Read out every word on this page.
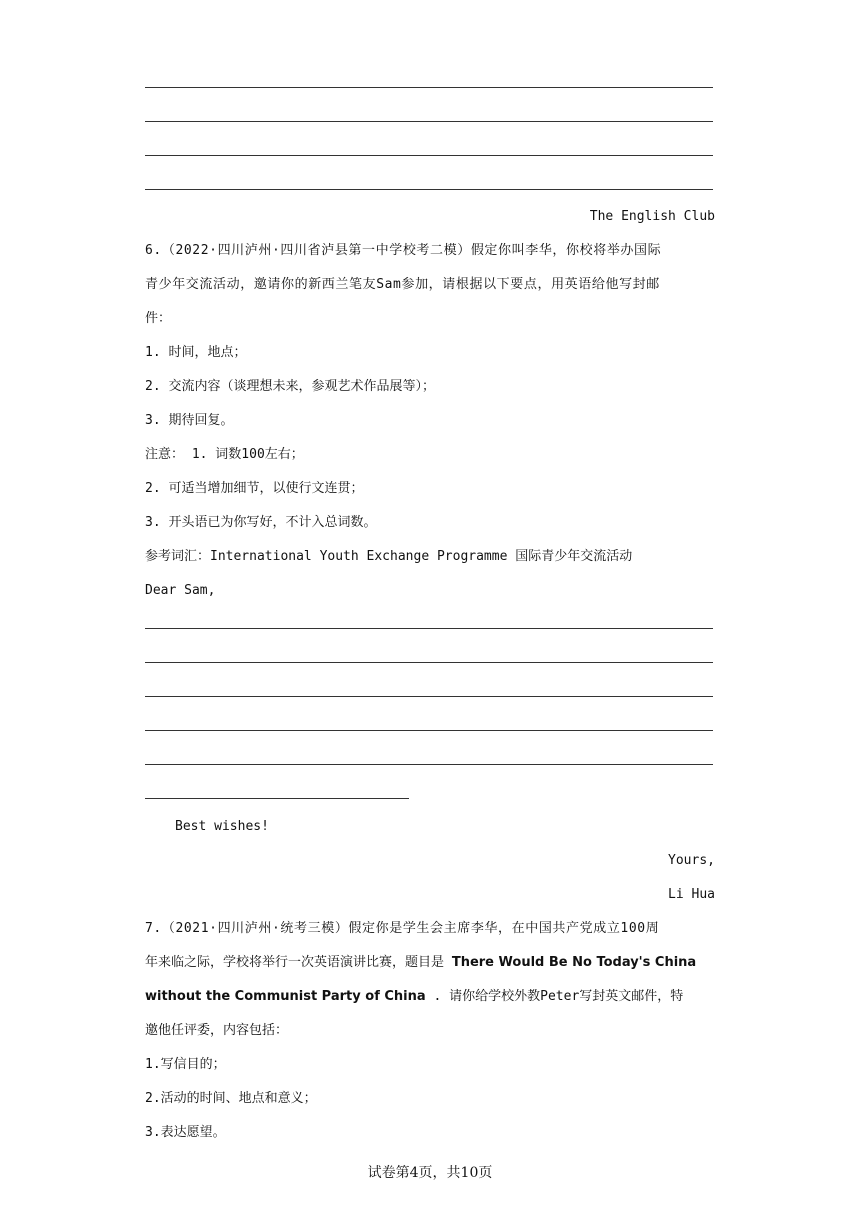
The English Club
6.（2022·四川泸州·四川省泸县第一中学校考二模）假定你叫李华，你校将举办国际
青少年交流活动，邀请你的新西兰笔友Sam参加，请根据以下要点，用英语给他写封邮
件：
1. 时间，地点；
2. 交流内容（谈理想未来，参观艺术作品展等）；
3. 期待回复。
注意： 1. 词数100左右；
2. 可适当增加细节，以使行文连贯；
3. 开头语已为你写好，不计入总词数。
参考词汇：International Youth Exchange Programme 国际青少年交流活动
Dear Sam,
Best wishes!
Yours,
Li Hua
7.（2021·四川泸州·统考三模）假定你是学生会主席李华，在中国共产党成立100周
年来临之际，学校将举行一次英语演讲比赛，题目是 There Would Be No Today's China
without the Communist Party of China . 请你给学校外教Peter写封英文邮件，特
邀他任评委，内容包括：
1.写信目的；
2.活动的时间、地点和意义；
3.表达愿望。
试卷第4页，共10页
